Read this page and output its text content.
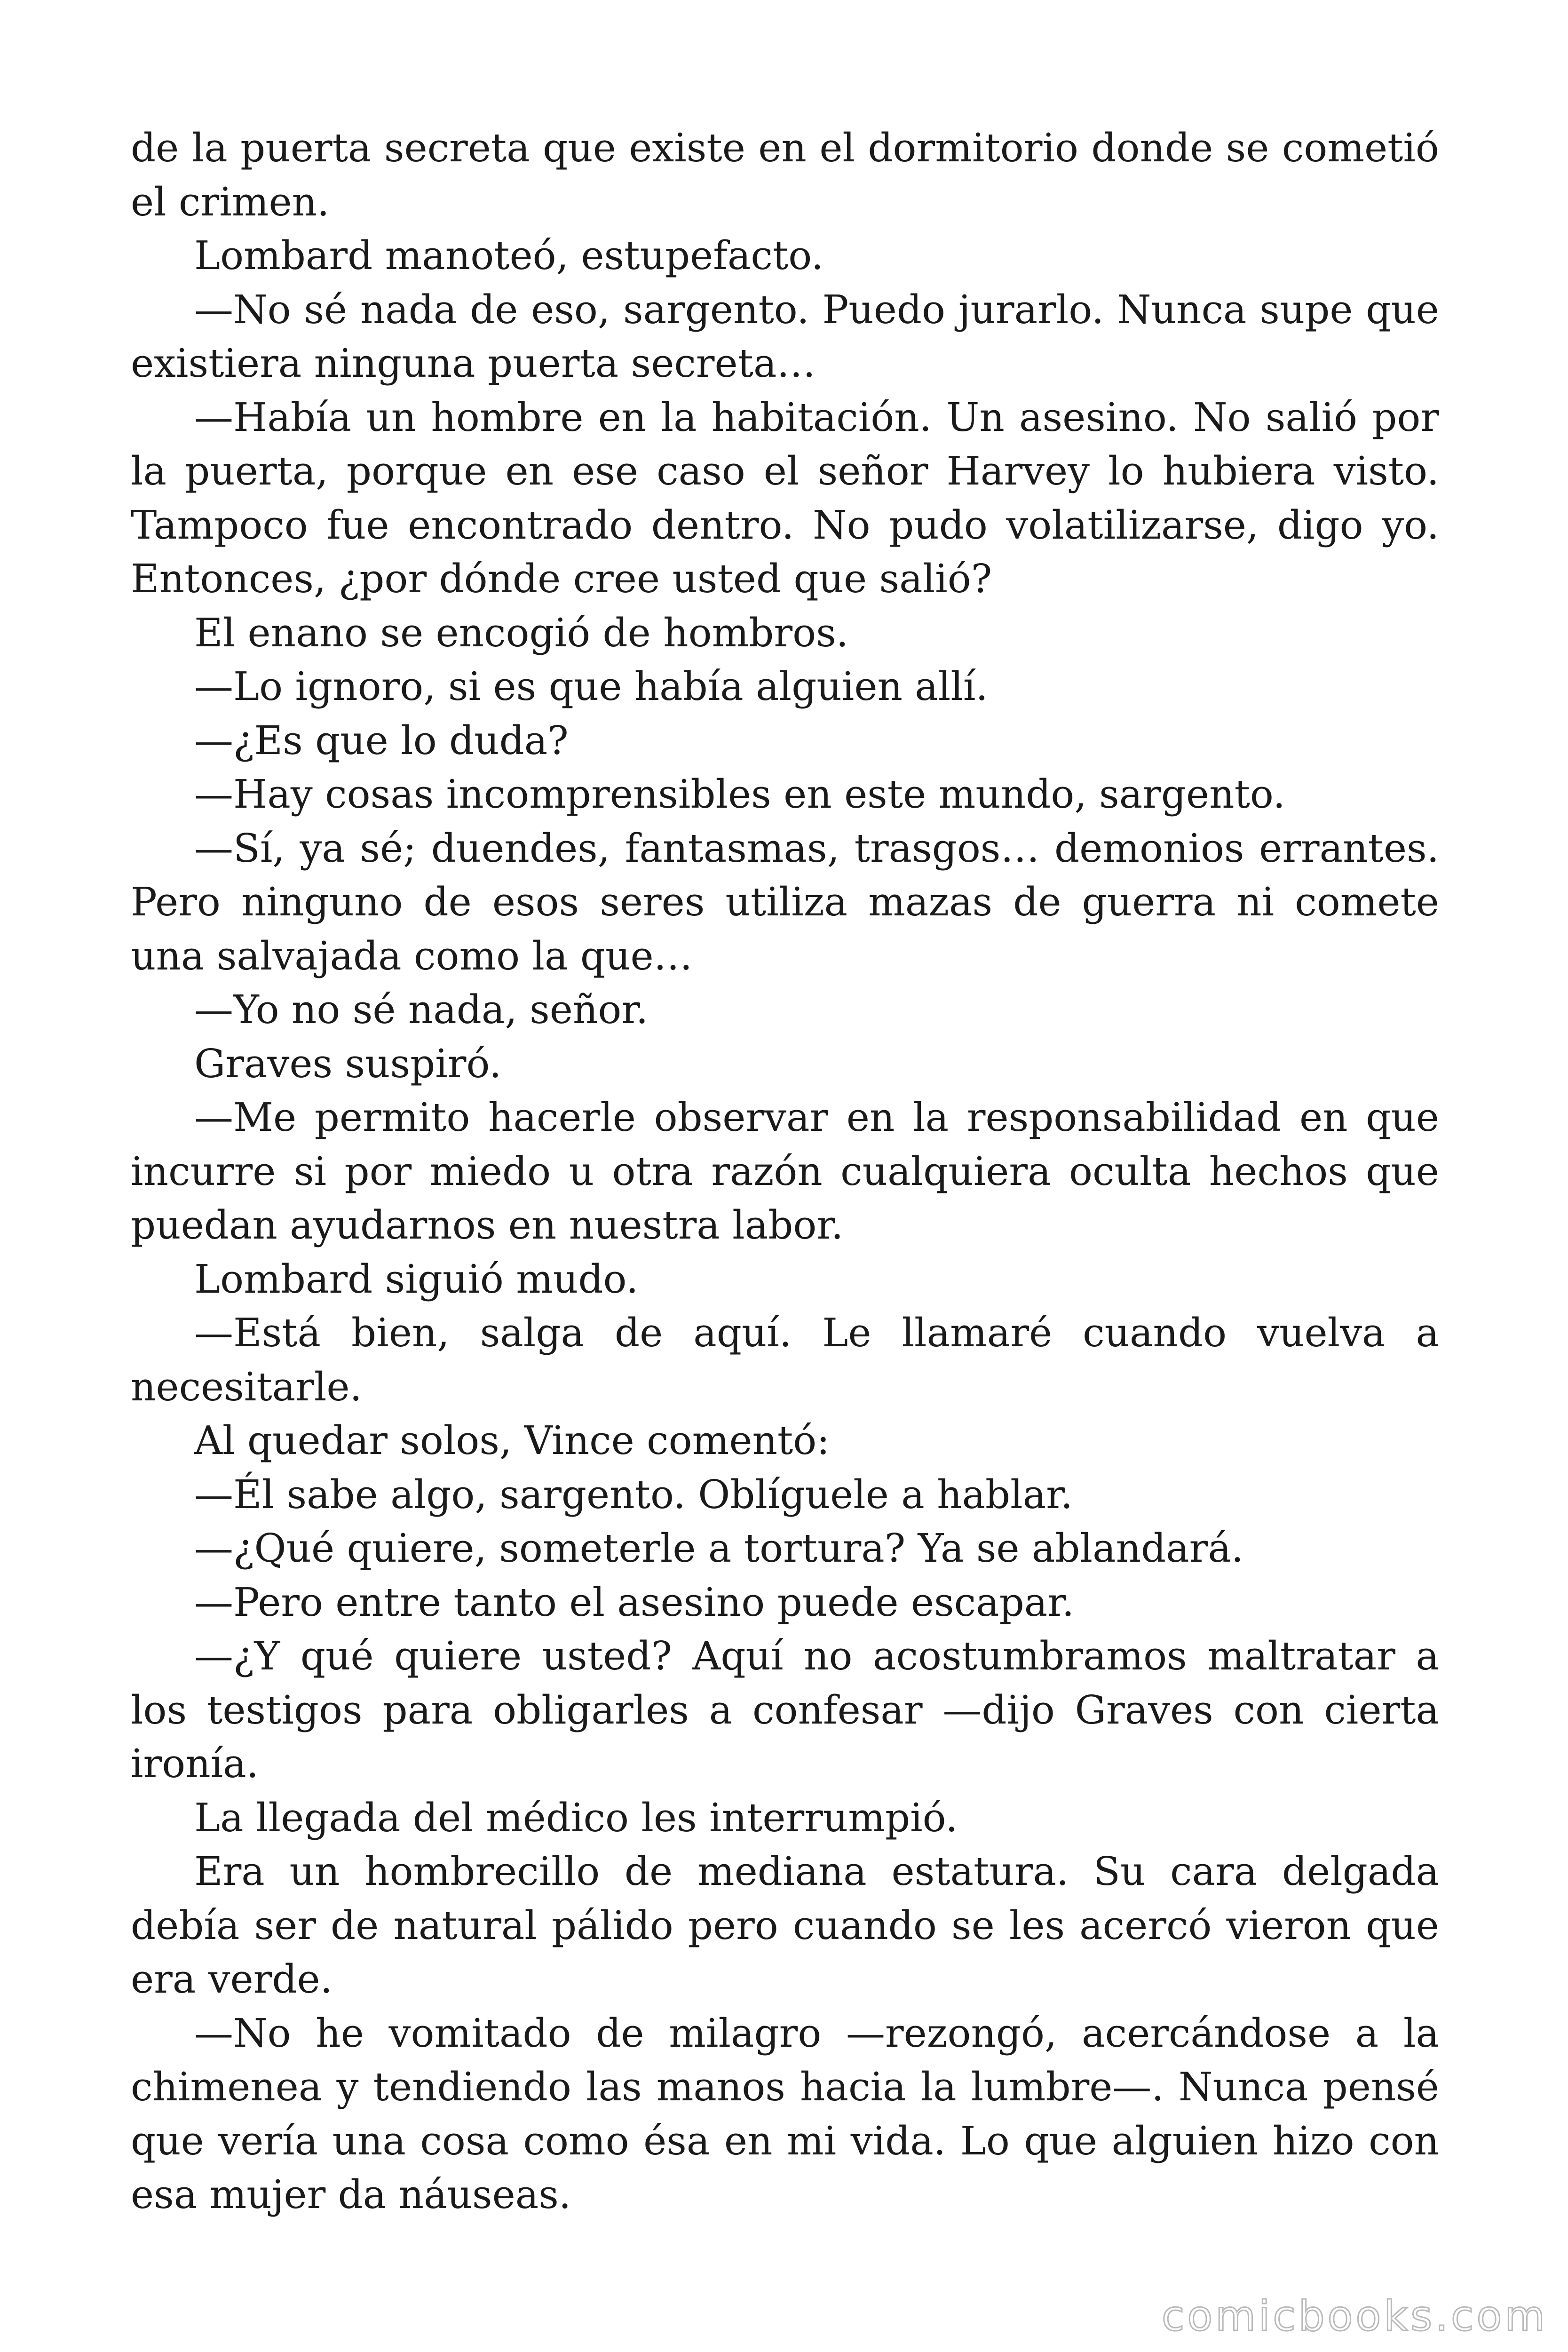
de la puerta secreta que existe en el dormitorio donde se cometió el crimen.

Lombard manoteó, estupefacto.

—No sé nada de eso, sargento. Puedo jurarlo. Nunca supe que existiera ninguna puerta secreta…

—Había un hombre en la habitación. Un asesino. No salió por la puerta, porque en ese caso el señor Harvey lo hubiera visto. Tampoco fue encontrado dentro. No pudo volatilizarse, digo yo. Entonces, ¿por dónde cree usted que salió?

El enano se encogió de hombros.

—Lo ignoro, si es que había alguien allí.

—¿Es que lo duda?

—Hay cosas incomprensibles en este mundo, sargento.

—Sí, ya sé; duendes, fantasmas, trasgos… demonios errantes. Pero ninguno de esos seres utiliza mazas de guerra ni comete una salvajada como la que…

—Yo no sé nada, señor.

Graves suspiró.

—Me permito hacerle observar en la responsabilidad en que incurre si por miedo u otra razón cualquiera oculta hechos que puedan ayudarnos en nuestra labor.

Lombard siguió mudo.

—Está bien, salga de aquí. Le llamaré cuando vuelva a necesitarle.

Al quedar solos, Vince comentó:

—Él sabe algo, sargento. Oblíguele a hablar.

—¿Qué quiere, someterle a tortura? Ya se ablandará.

—Pero entre tanto el asesino puede escapar.

—¿Y qué quiere usted? Aquí no acostumbramos maltratar a los testigos para obligarles a confesar —dijo Graves con cierta ironía.

La llegada del médico les interrumpió.

Era un hombrecillo de mediana estatura. Su cara delgada debía ser de natural pálido pero cuando se les acercó vieron que era verde.

—No he vomitado de milagro —rezongó, acercándose a la chimenea y tendiendo las manos hacia la lumbre—. Nunca pensé que vería una cosa como ésa en mi vida. Lo que alguien hizo con esa mujer da náuseas.

comicbooks.com
